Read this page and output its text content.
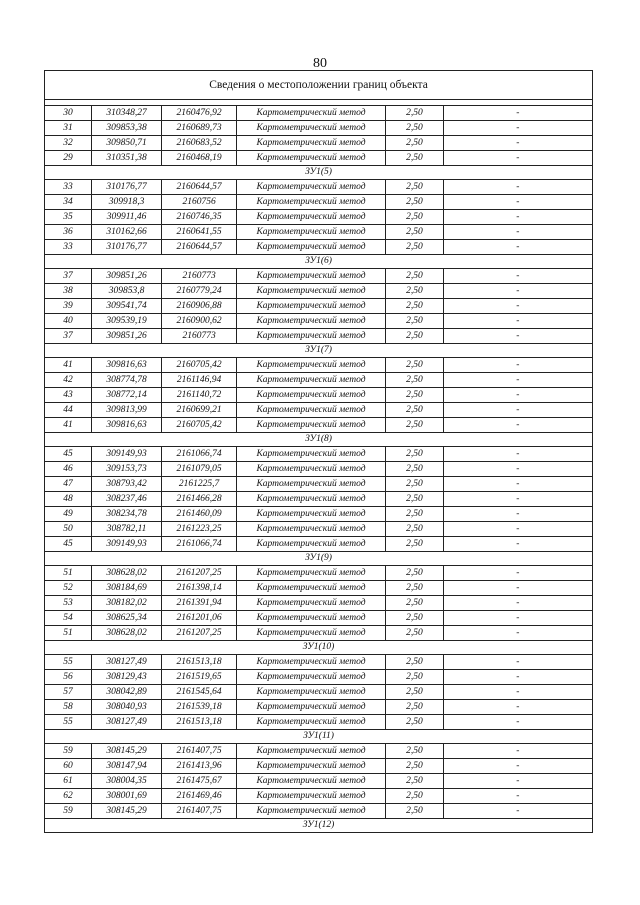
80
Сведения о местоположении границ объекта					

30	310348,27	2160476,92	Картометрический метод	2,50	-
31	309853,38	2160689,73	Картометрический метод	2,50	-
32	309850,71	2160683,52	Картометрический метод	2,50	-
29	310351,38	2160468,19	Картометрический метод	2,50	-
ЗУ1(5)					
33	310176,77	2160644,57	Картометрический метод	2,50	-
34	309918,3	2160756	Картометрический метод	2,50	-
35	309911,46	2160746,35	Картометрический метод	2,50	-
36	310162,66	2160641,55	Картометрический метод	2,50	-
33	310176,77	2160644,57	Картометрический метод	2,50	-
ЗУ1(6)					
37	309851,26	2160773	Картометрический метод	2,50	-
38	309853,8	2160779,24	Картометрический метод	2,50	-
39	309541,74	2160906,88	Картометрический метод	2,50	-
40	309539,19	2160900,62	Картометрический метод	2,50	-
37	309851,26	2160773	Картометрический метод	2,50	-
ЗУ1(7)					
41	309816,63	2160705,42	Картометрический метод	2,50	-
42	308774,78	2161146,94	Картометрический метод	2,50	-
43	308772,14	2161140,72	Картометрический метод	2,50	-
44	309813,99	2160699,21	Картометрический метод	2,50	-
41	309816,63	2160705,42	Картометрический метод	2,50	-
ЗУ1(8)					
45	309149,93	2161066,74	Картометрический метод	2,50	-
46	309153,73	2161079,05	Картометрический метод	2,50	-
47	308793,42	2161225,7	Картометрический метод	2,50	-
48	308237,46	2161466,28	Картометрический метод	2,50	-
49	308234,78	2161460,09	Картометрический метод	2,50	-
50	308782,11	2161223,25	Картометрический метод	2,50	-
45	309149,93	2161066,74	Картометрический метод	2,50	-
ЗУ1(9)					
51	308628,02	2161207,25	Картометрический метод	2,50	-
52	308184,69	2161398,14	Картометрический метод	2,50	-
53	308182,02	2161391,94	Картометрический метод	2,50	-
54	308625,34	2161201,06	Картометрический метод	2,50	-
51	308628,02	2161207,25	Картометрический метод	2,50	-
ЗУ1(10)					
55	308127,49	2161513,18	Картометрический метод	2,50	-
56	308129,43	2161519,65	Картометрический метод	2,50	-
57	308042,89	2161545,64	Картометрический метод	2,50	-
58	308040,93	2161539,18	Картометрический метод	2,50	-
55	308127,49	2161513,18	Картометрический метод	2,50	-
ЗУ1(11)					
59	308145,29	2161407,75	Картометрический метод	2,50	-
60	308147,94	2161413,96	Картометрический метод	2,50	-
61	308004,35	2161475,67	Картометрический метод	2,50	-
62	308001,69	2161469,46	Картометрический метод	2,50	-
59	308145,29	2161407,75	Картометрический метод	2,50	-
ЗУ1(12)					
